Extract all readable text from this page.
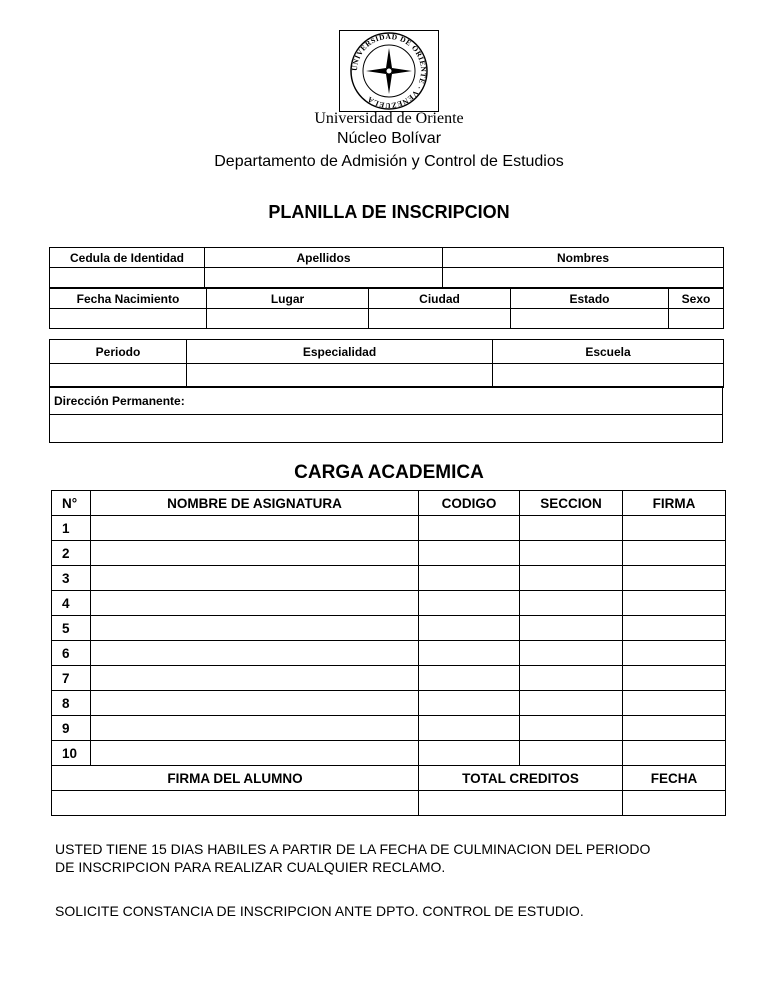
UNIVERSIDAD DE ORIENTE · VENEZUELA
Universidad de Oriente
Núcleo Bolívar
Departamento de Admisión y Control de Estudios
PLANILLA DE INSCRIPCION
Cedula de Identidad	Apellidos	Nombres

Fecha Nacimiento	Lugar	Ciudad	Estado	Sexo

Periodo	Especialidad	Escuela

Dirección Permanente:

CARGA ACADEMICA
N°	NOMBRE DE ASIGNATURA	CODIGO	SECCION	FIRMA
1				
2				
3				
4				
5				
6				
7				
8				
9				
10				
FIRMA DEL ALUMNO		TOTAL CREDITOS		FECHA

USTED TIENE 15 DIAS HABILES A PARTIR DE LA FECHA DE CULMINACION DEL PERIODO
DE INSCRIPCION PARA REALIZAR CUALQUIER RECLAMO.
SOLICITE CONSTANCIA DE INSCRIPCION ANTE DPTO. CONTROL DE ESTUDIO.
